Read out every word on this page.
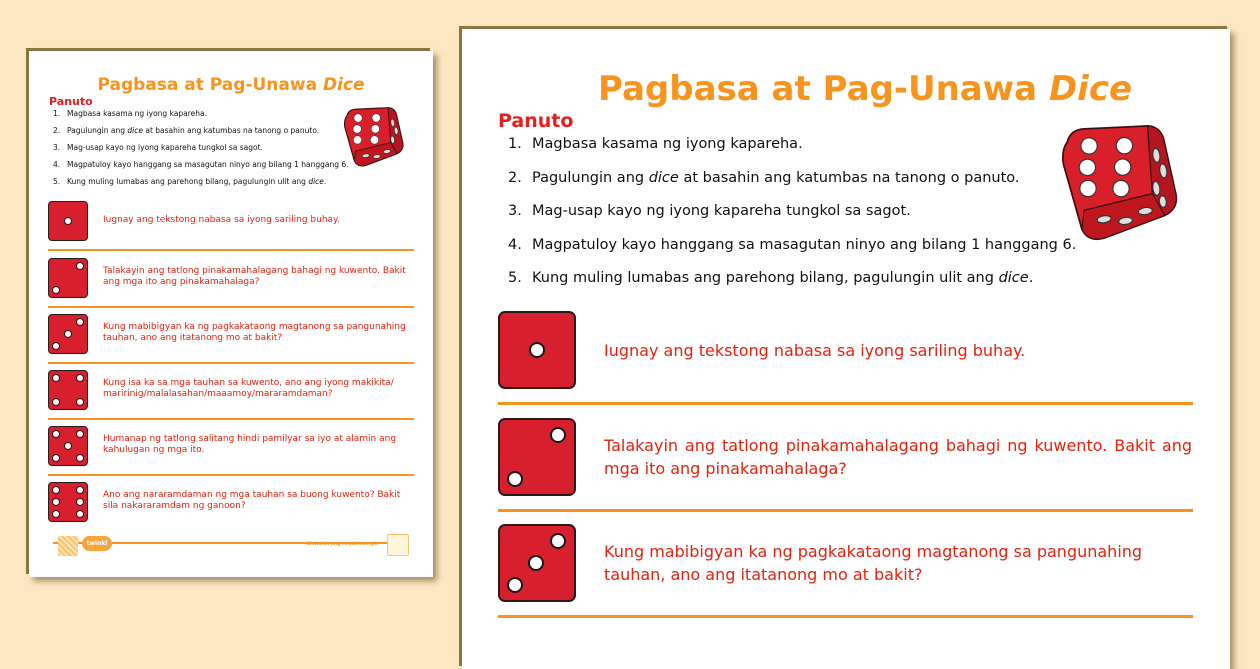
Pagbasa at Pag-Unawa Dice
Panuto
1. Magbasa kasama ng iyong kapareha.
2. Pagulungin ang dice at basahin ang katumbas na tanong o panuto.
3. Mag-usap kayo ng iyong kapareha tungkol sa sagot.
4. Magpatuloy kayo hanggang sa masagutan ninyo ang bilang 1 hanggang 6.
5. Kung muling lumabas ang parehong bilang, pagulungin ulit ang dice.
Iugnay ang tekstong nabasa sa iyong sariling buhay.
Talakayin ang tatlong pinakamahalagang bahagi ng kuwento. Bakit ang mga ito ang pinakamahalaga?
Kung mabibigyan ka ng pagkakataong magtanong sa pangunahing tauhan, ano ang itatanong mo at bakit?
Kung isa ka sa mga tauhan sa kuwento, ano ang iyong makikita/ maririnig/malalasahan/maaamoy/mararamdaman?
Humanap ng tatlong salitang hindi pamilyar sa iyo at alamin ang kahulugan ng mga ito.
Ano ang nararamdaman ng mga tauhan sa buong kuwento? Bakit sila nakararamdam ng ganoon?
twinkl	Bisitahin ang twinkl.com.ph
Pagbasa at Pag-Unawa Dice
Panuto
1. Magbasa kasama ng iyong kapareha.
2. Pagulungin ang dice at basahin ang katumbas na tanong o panuto.
3. Mag-usap kayo ng iyong kapareha tungkol sa sagot.
4. Magpatuloy kayo hanggang sa masagutan ninyo ang bilang 1 hanggang 6.
5. Kung muling lumabas ang parehong bilang, pagulungin ulit ang dice.
Iugnay ang tekstong nabasa sa iyong sariling buhay.
Talakayin ang tatlong pinakamahalagang bahagi ng kuwento. Bakit ang mga ito ang pinakamahalaga?
Kung mabibigyan ka ng pagkakataong magtanong sa pangunahing tauhan, ano ang itatanong mo at bakit?
